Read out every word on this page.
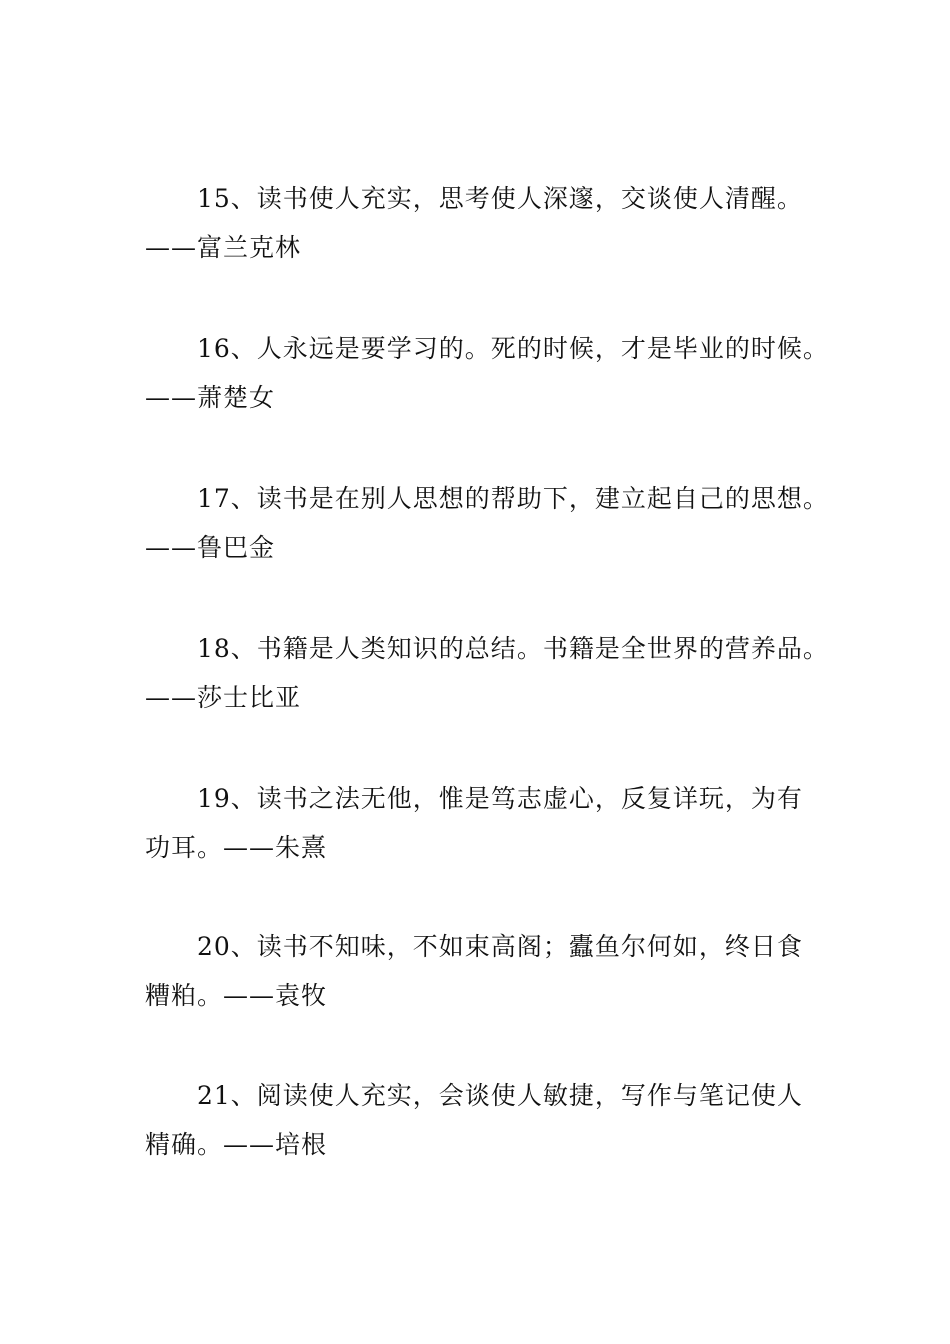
15、读书使人充实，思考使人深邃，交谈使人清醒。
——富兰克林
16、人永远是要学习的。死的时候，才是毕业的时候。
——萧楚女
17、读书是在别人思想的帮助下，建立起自己的思想。
——鲁巴金
18、书籍是人类知识的总结。书籍是全世界的营养品。
——莎士比亚
19、读书之法无他，惟是笃志虚心，反复详玩，为有
功耳。——朱熹
20、读书不知味，不如束高阁；蠹鱼尔何如，终日食
糟粕。——袁牧
21、阅读使人充实，会谈使人敏捷，写作与笔记使人
精确。——培根
